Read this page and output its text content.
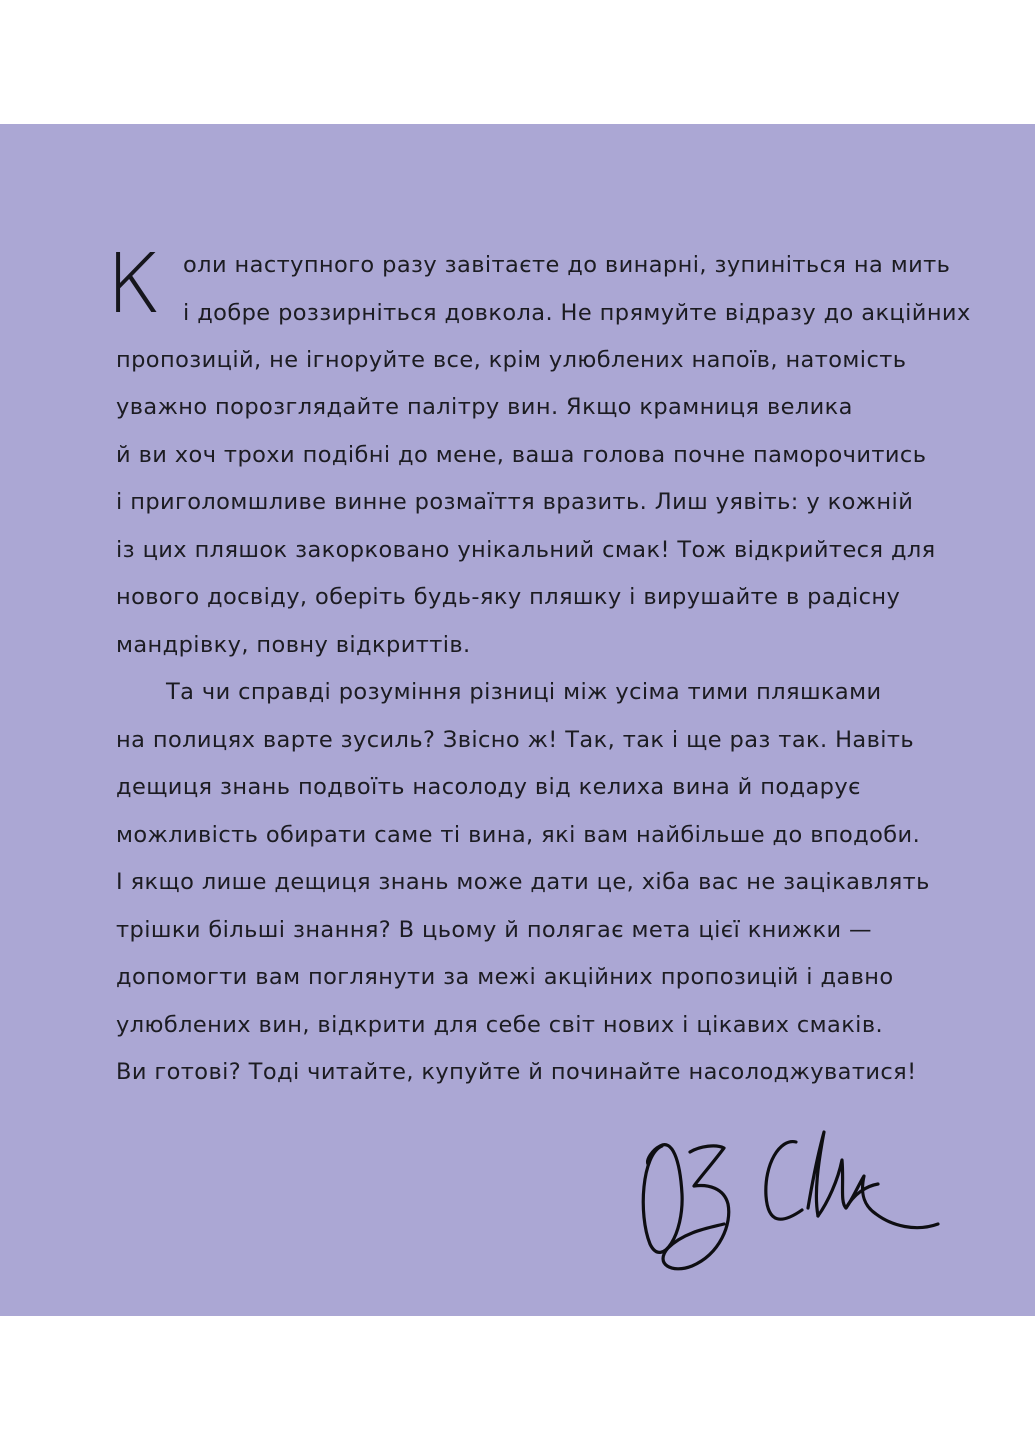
К оли наступного разу завітаєте до винарні, зупиніться на мить
і добре роззирніться довкола. Не прямуйте відразу до акційних
пропозицій, не ігноруйте все, крім улюблених напоїв, натомість
уважно порозглядайте палітру вин. Якщо крамниця велика
й ви хоч трохи подібні до мене, ваша голова почне паморочитись
і приголомшливе винне розмаїття вразить. Лиш уявіть: у кожній
із цих пляшок закорковано унікальний смак! Тож відкрийтеся для
нового досвіду, оберіть будь-яку пляшку і вирушайте в радісну
мандрівку, повну відкриттів.
Та чи справді розуміння різниці між усіма тими пляшками
на полицях варте зусиль? Звісно ж! Так, так і ще раз так. Навіть
дещиця знань подвоїть насолоду від келиха вина й подарує
можливість обирати саме ті вина, які вам найбільше до вподоби.
І якщо лише дещиця знань може дати це, хіба вас не зацікавлять
трішки більші знання? В цьому й полягає мета цієї книжки —
допомогти вам поглянути за межі акційних пропозицій і давно
улюблених вин, відкрити для себе світ нових і цікавих смаків.
Ви готові? Тоді читайте, купуйте й починайте насолоджуватися!
